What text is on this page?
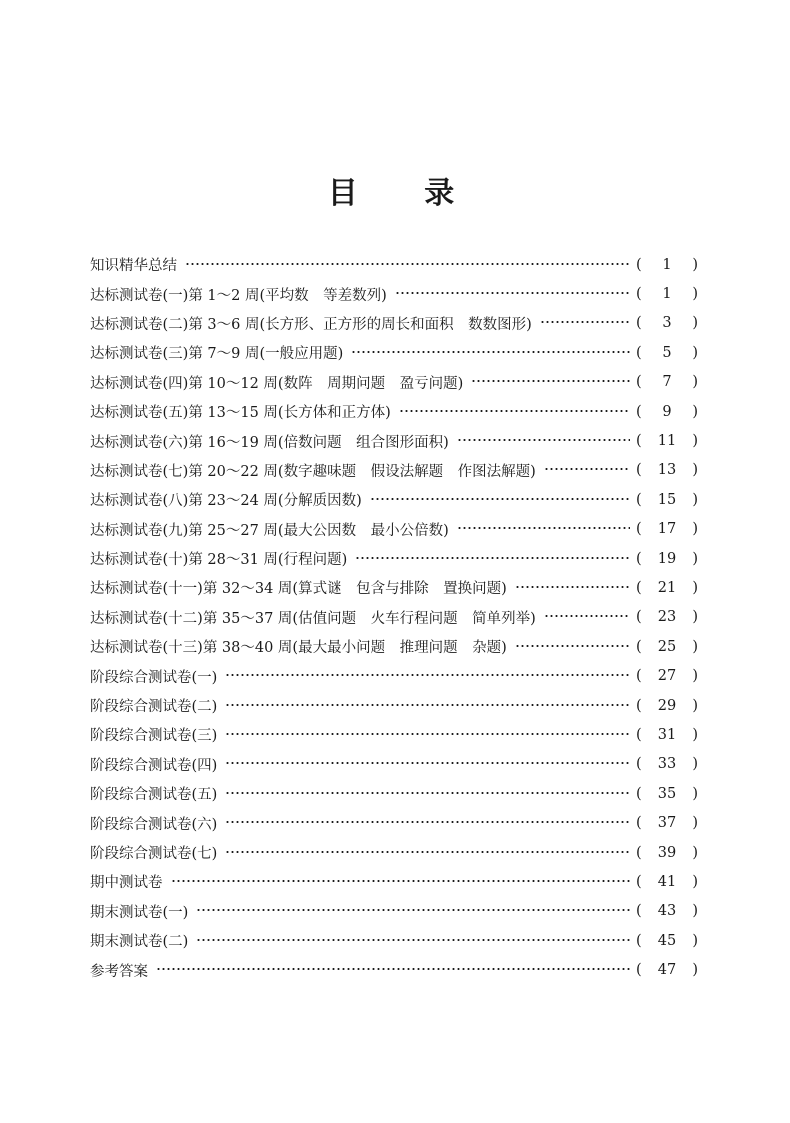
目 录
知识精华总结	(	1	)
达标测试卷(一)第 1～2 周(平均数　等差数列)	(	1	)
达标测试卷(二)第 3～6 周(长方形、正方形的周长和面积　数数图形)	(	3	)
达标测试卷(三)第 7～9 周(一般应用题)	(	5	)
达标测试卷(四)第 10～12 周(数阵　周期问题　盈亏问题)	(	7	)
达标测试卷(五)第 13～15 周(长方体和正方体)	(	9	)
达标测试卷(六)第 16～19 周(倍数问题　组合图形面积)	(	11	)
达标测试卷(七)第 20～22 周(数字趣味题　假设法解题　作图法解题)	(	13	)
达标测试卷(八)第 23～24 周(分解质因数)	(	15	)
达标测试卷(九)第 25～27 周(最大公因数　最小公倍数)	(	17	)
达标测试卷(十)第 28～31 周(行程问题)	(	19	)
达标测试卷(十一)第 32～34 周(算式谜　包含与排除　置换问题)	(	21	)
达标测试卷(十二)第 35～37 周(估值问题　火车行程问题　简单列举)	(	23	)
达标测试卷(十三)第 38～40 周(最大最小问题　推理问题　杂题)	(	25	)
阶段综合测试卷(一)	(	27	)
阶段综合测试卷(二)	(	29	)
阶段综合测试卷(三)	(	31	)
阶段综合测试卷(四)	(	33	)
阶段综合测试卷(五)	(	35	)
阶段综合测试卷(六)	(	37	)
阶段综合测试卷(七)	(	39	)
期中测试卷	(	41	)
期末测试卷(一)	(	43	)
期末测试卷(二)	(	45	)
参考答案	(	47	)
